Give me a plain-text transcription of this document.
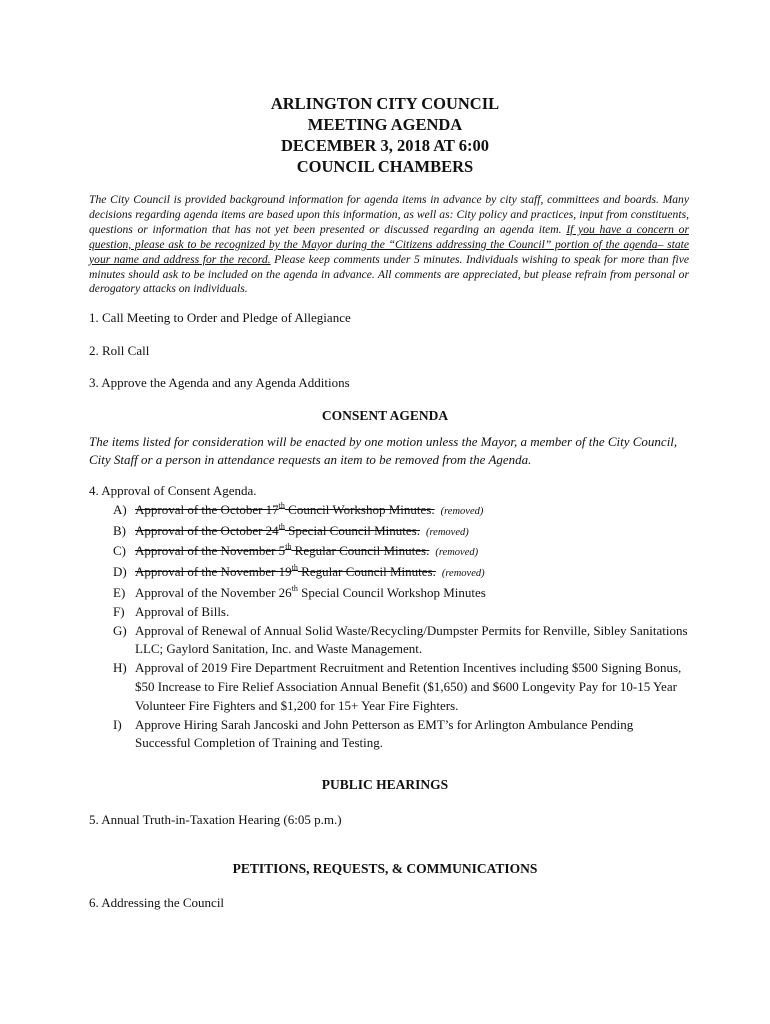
ARLINGTON CITY COUNCIL
MEETING AGENDA
DECEMBER 3, 2018 AT 6:00
COUNCIL CHAMBERS
The City Council is provided background information for agenda items in advance by city staff, committees and boards. Many decisions regarding agenda items are based upon this information, as well as: City policy and practices, input from constituents, questions or information that has not yet been presented or discussed regarding an agenda item. If you have a concern or question, please ask to be recognized by the Mayor during the “Citizens addressing the Council” portion of the agenda– state your name and address for the record. Please keep comments under 5 minutes. Individuals wishing to speak for more than five minutes should ask to be included on the agenda in advance. All comments are appreciated, but please refrain from personal or derogatory attacks on individuals.
1. Call Meeting to Order and Pledge of Allegiance
2. Roll Call
3. Approve the Agenda and any Agenda Additions
CONSENT AGENDA
The items listed for consideration will be enacted by one motion unless the Mayor, a member of the City Council, City Staff or a person in attendance requests an item to be removed from the Agenda.
4. Approval of Consent Agenda.
A) Approval of the October 17th Council Workshop Minutes. (removed)
B) Approval of the October 24th Special Council Minutes. (removed)
C) Approval of the November 5th Regular Council Minutes. (removed)
D) Approval of the November 19th Regular Council Minutes. (removed)
E) Approval of the November 26th Special Council Workshop Minutes
F) Approval of Bills.
G) Approval of Renewal of Annual Solid Waste/Recycling/Dumpster Permits for Renville, Sibley Sanitations LLC; Gaylord Sanitation, Inc. and Waste Management.
H) Approval of 2019 Fire Department Recruitment and Retention Incentives including $500 Signing Bonus, $50 Increase to Fire Relief Association Annual Benefit ($1,650) and $600 Longevity Pay for 10-15 Year Volunteer Fire Fighters and $1,200 for 15+ Year Fire Fighters.
I) Approve Hiring Sarah Jancoski and John Petterson as EMT’s for Arlington Ambulance Pending Successful Completion of Training and Testing.
PUBLIC HEARINGS
5. Annual Truth-in-Taxation Hearing (6:05 p.m.)
PETITIONS, REQUESTS, & COMMUNICATIONS
6. Addressing the Council
